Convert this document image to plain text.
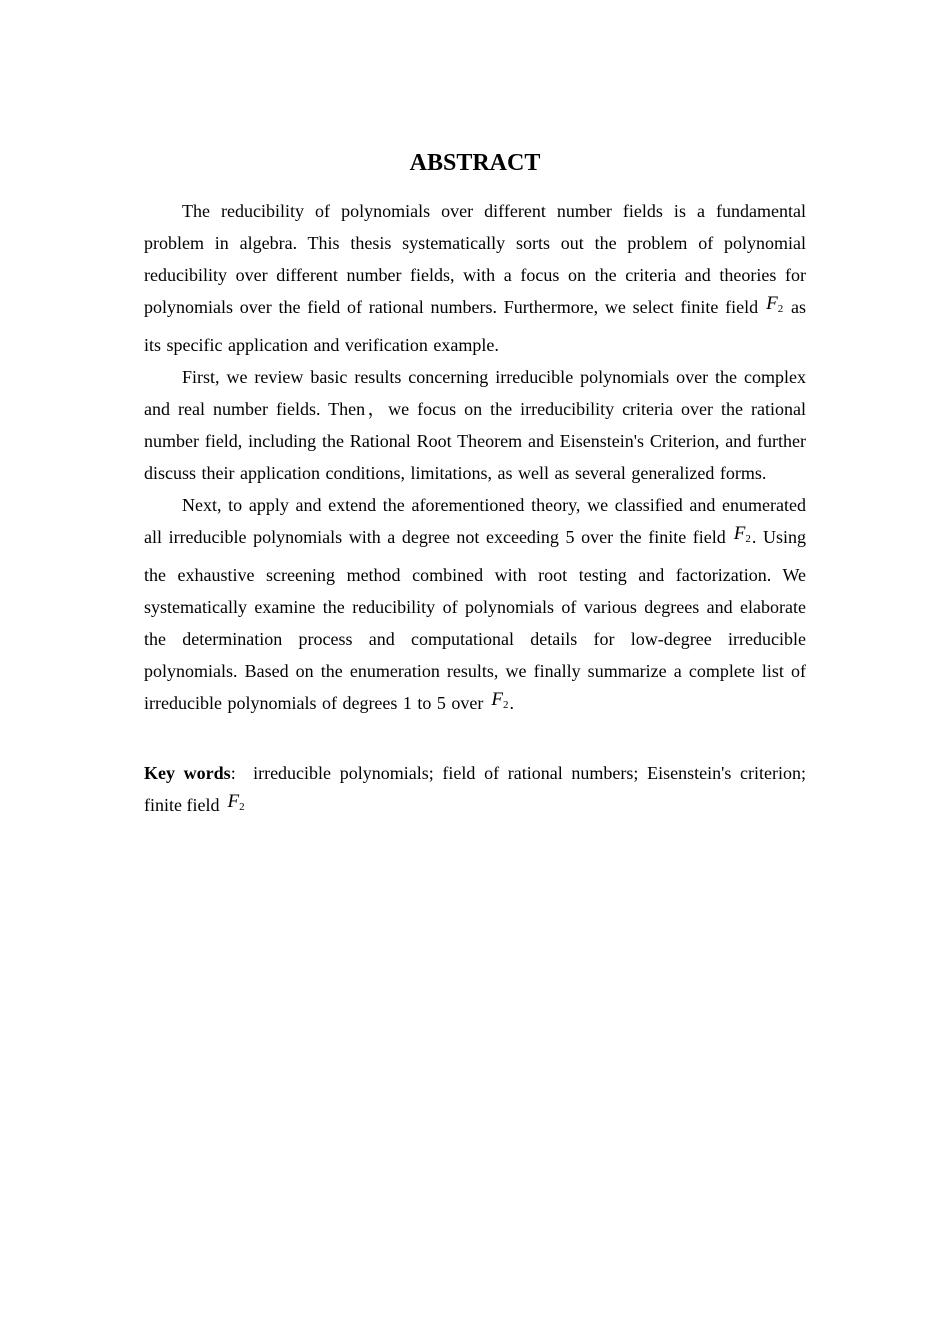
ABSTRACT

The reducibility of polynomials over different number fields is a fundamental problem in algebra. This thesis systematically sorts out the problem of polynomial reducibility over different number fields, with a focus on the criteria and theories for polynomials over the field of rational numbers. Furthermore, we select finite field $F_2$ as its specific application and verification example.

First, we review basic results concerning irreducible polynomials over the complex and real number fields. Then，we focus on the irreducibility criteria over the rational number field, including the Rational Root Theorem and Eisenstein's Criterion, and further discuss their application conditions, limitations, as well as several generalized forms.

Next, to apply and extend the aforementioned theory, we classified and enumerated all irreducible polynomials with a degree not exceeding 5 over the finite field $F_2$. Using the exhaustive screening method combined with root testing and factorization. We systematically examine the reducibility of polynomials of various degrees and elaborate the determination process and computational details for low-degree irreducible polynomials. Based on the enumeration results, we finally summarize a complete list of irreducible polynomials of degrees 1 to 5 over $F_2$.

Key words: irreducible polynomials; field of rational numbers; Eisenstein's criterion; finite field $F_2$
